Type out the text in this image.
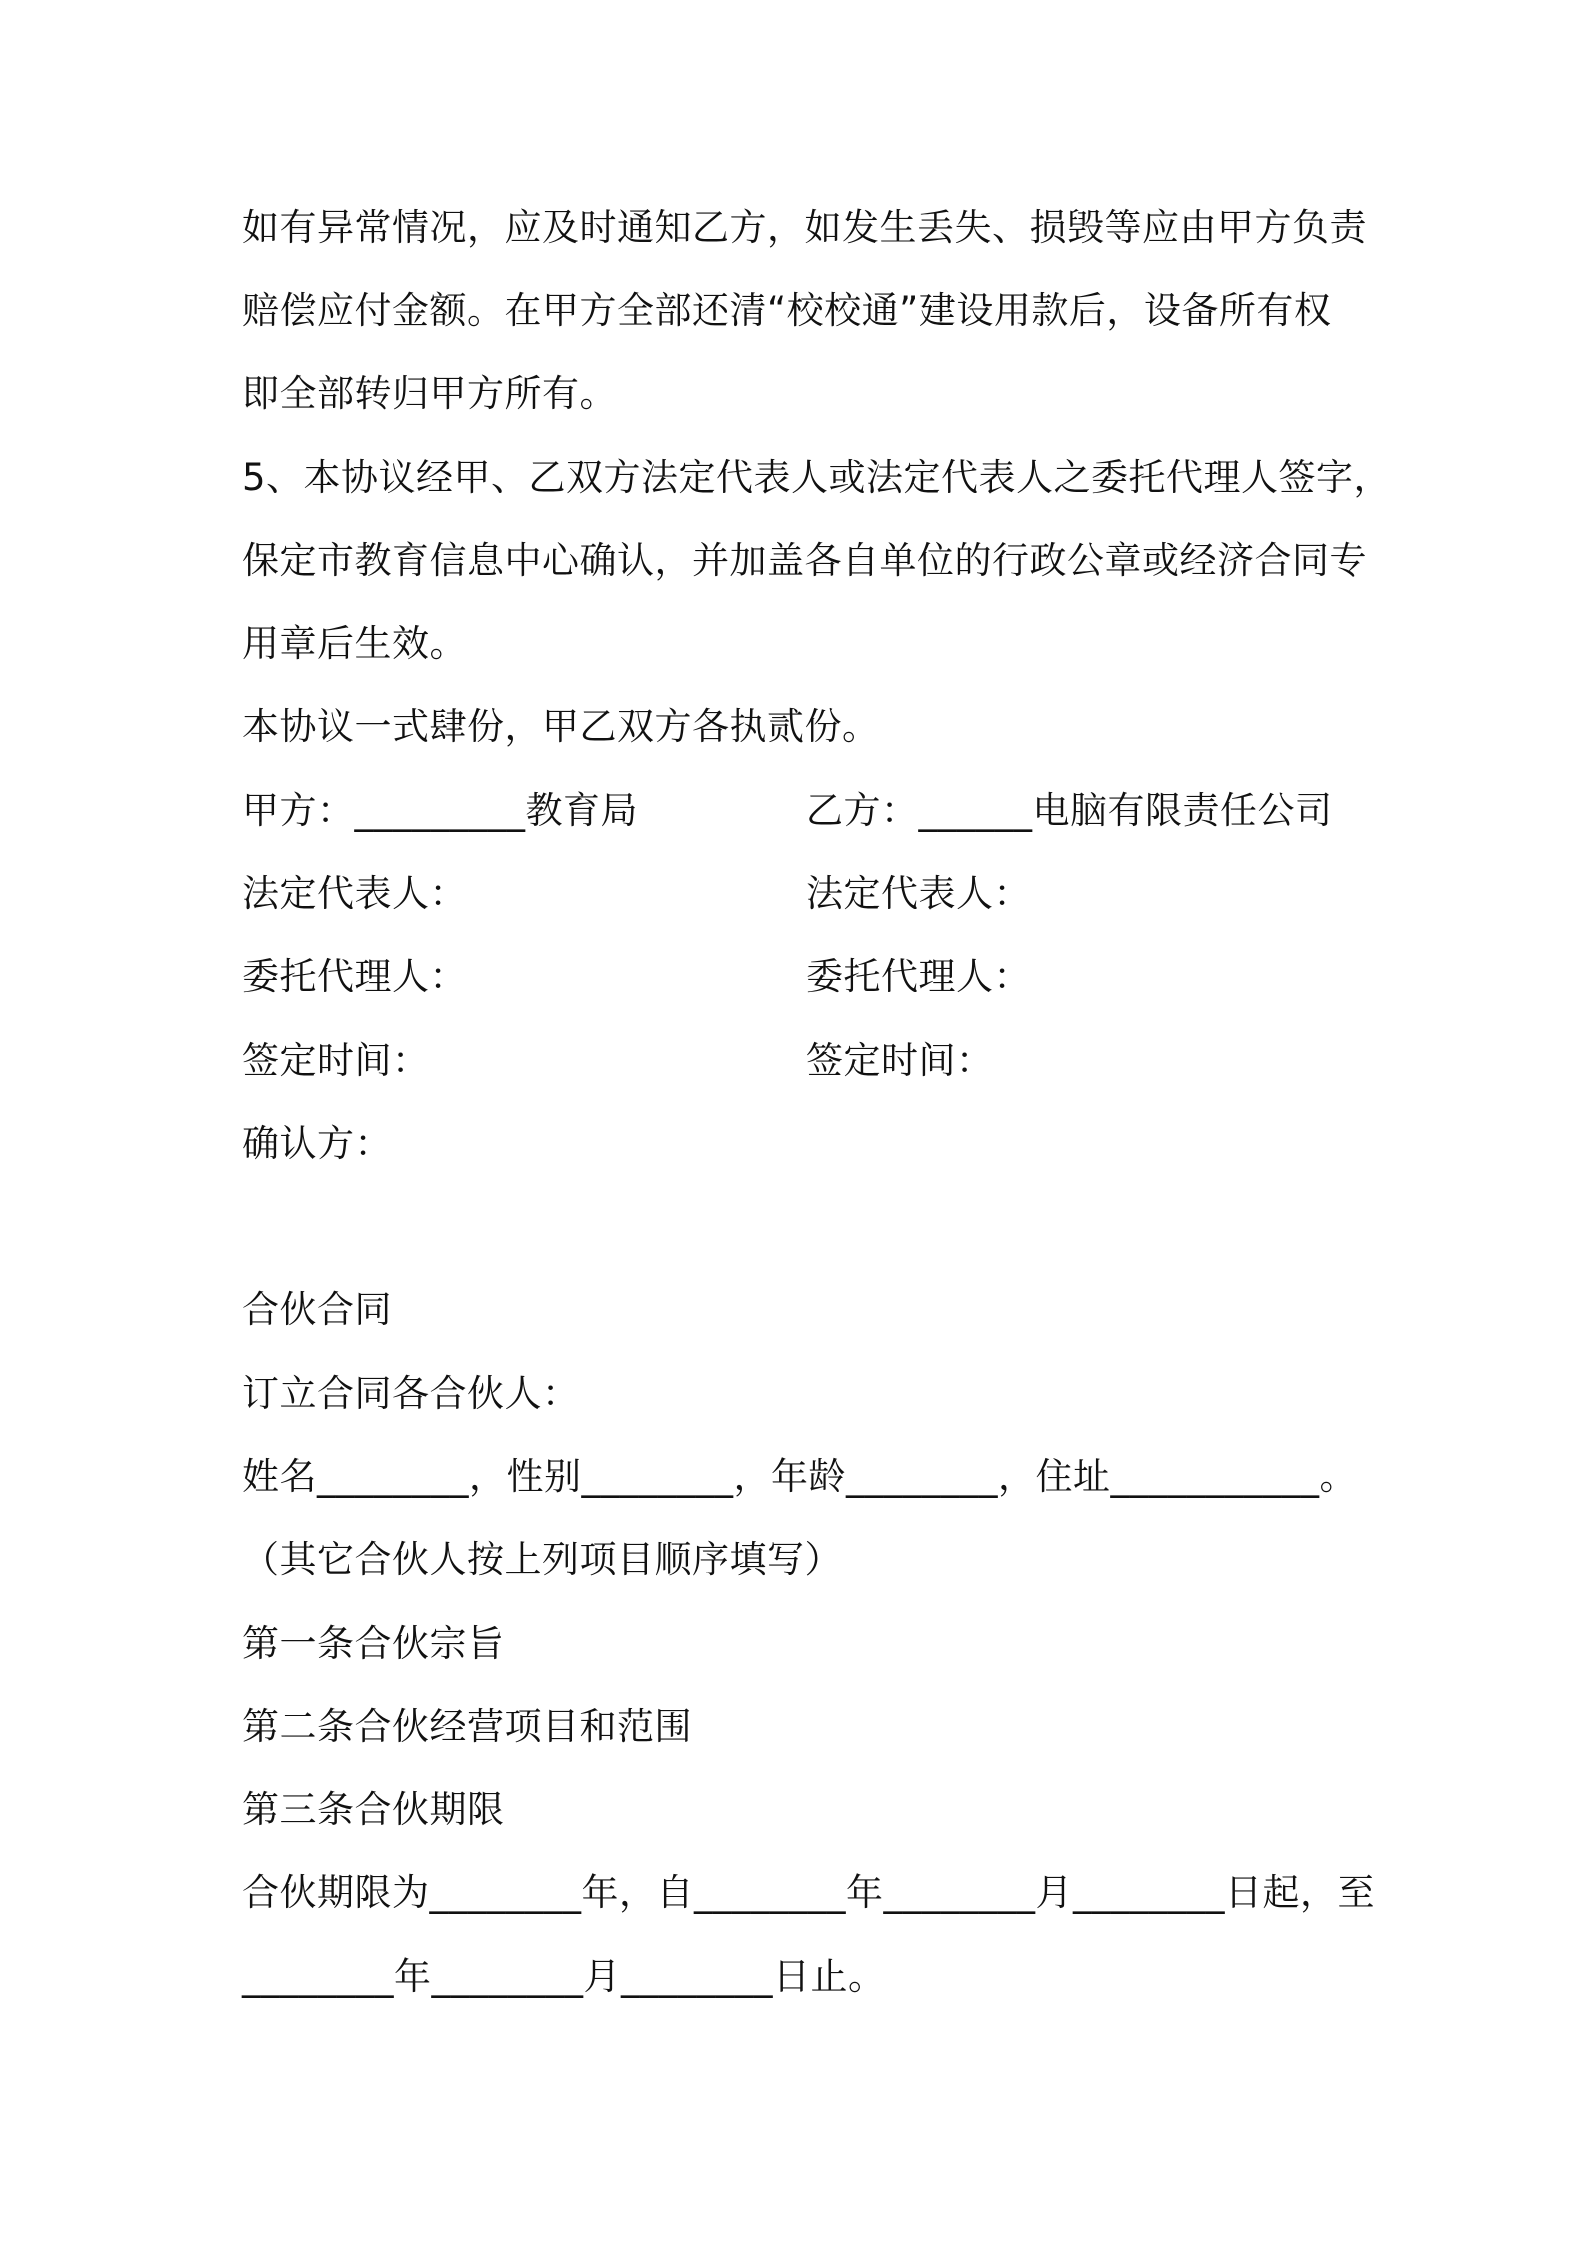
如有异常情况，应及时通知乙方，如发生丢失、损毁等应由甲方负责
赔偿应付金额。在甲方全部还清“校校通”建设用款后，设备所有权
即全部转归甲方所有。
5、本协议经甲、乙双方法定代表人或法定代表人之委托代理人签字，
保定市教育信息中心确认，并加盖各自单位的行政公章或经济合同专
用章后生效。
本协议一式肆份，甲乙双方各执贰份。
甲方：_________教育局	乙方：______电脑有限责任公司
法定代表人：	法定代表人：
委托代理人：	委托代理人：
签定时间：	签定时间：
确认方：
合伙合同
订立合同各合伙人：
姓名________，性别________，年龄________，住址___________。
（其它合伙人按上列项目顺序填写）
第一条合伙宗旨
第二条合伙经营项目和范围
第三条合伙期限
合伙期限为________年，自________年________月________日起，至
________年________月________日止。
